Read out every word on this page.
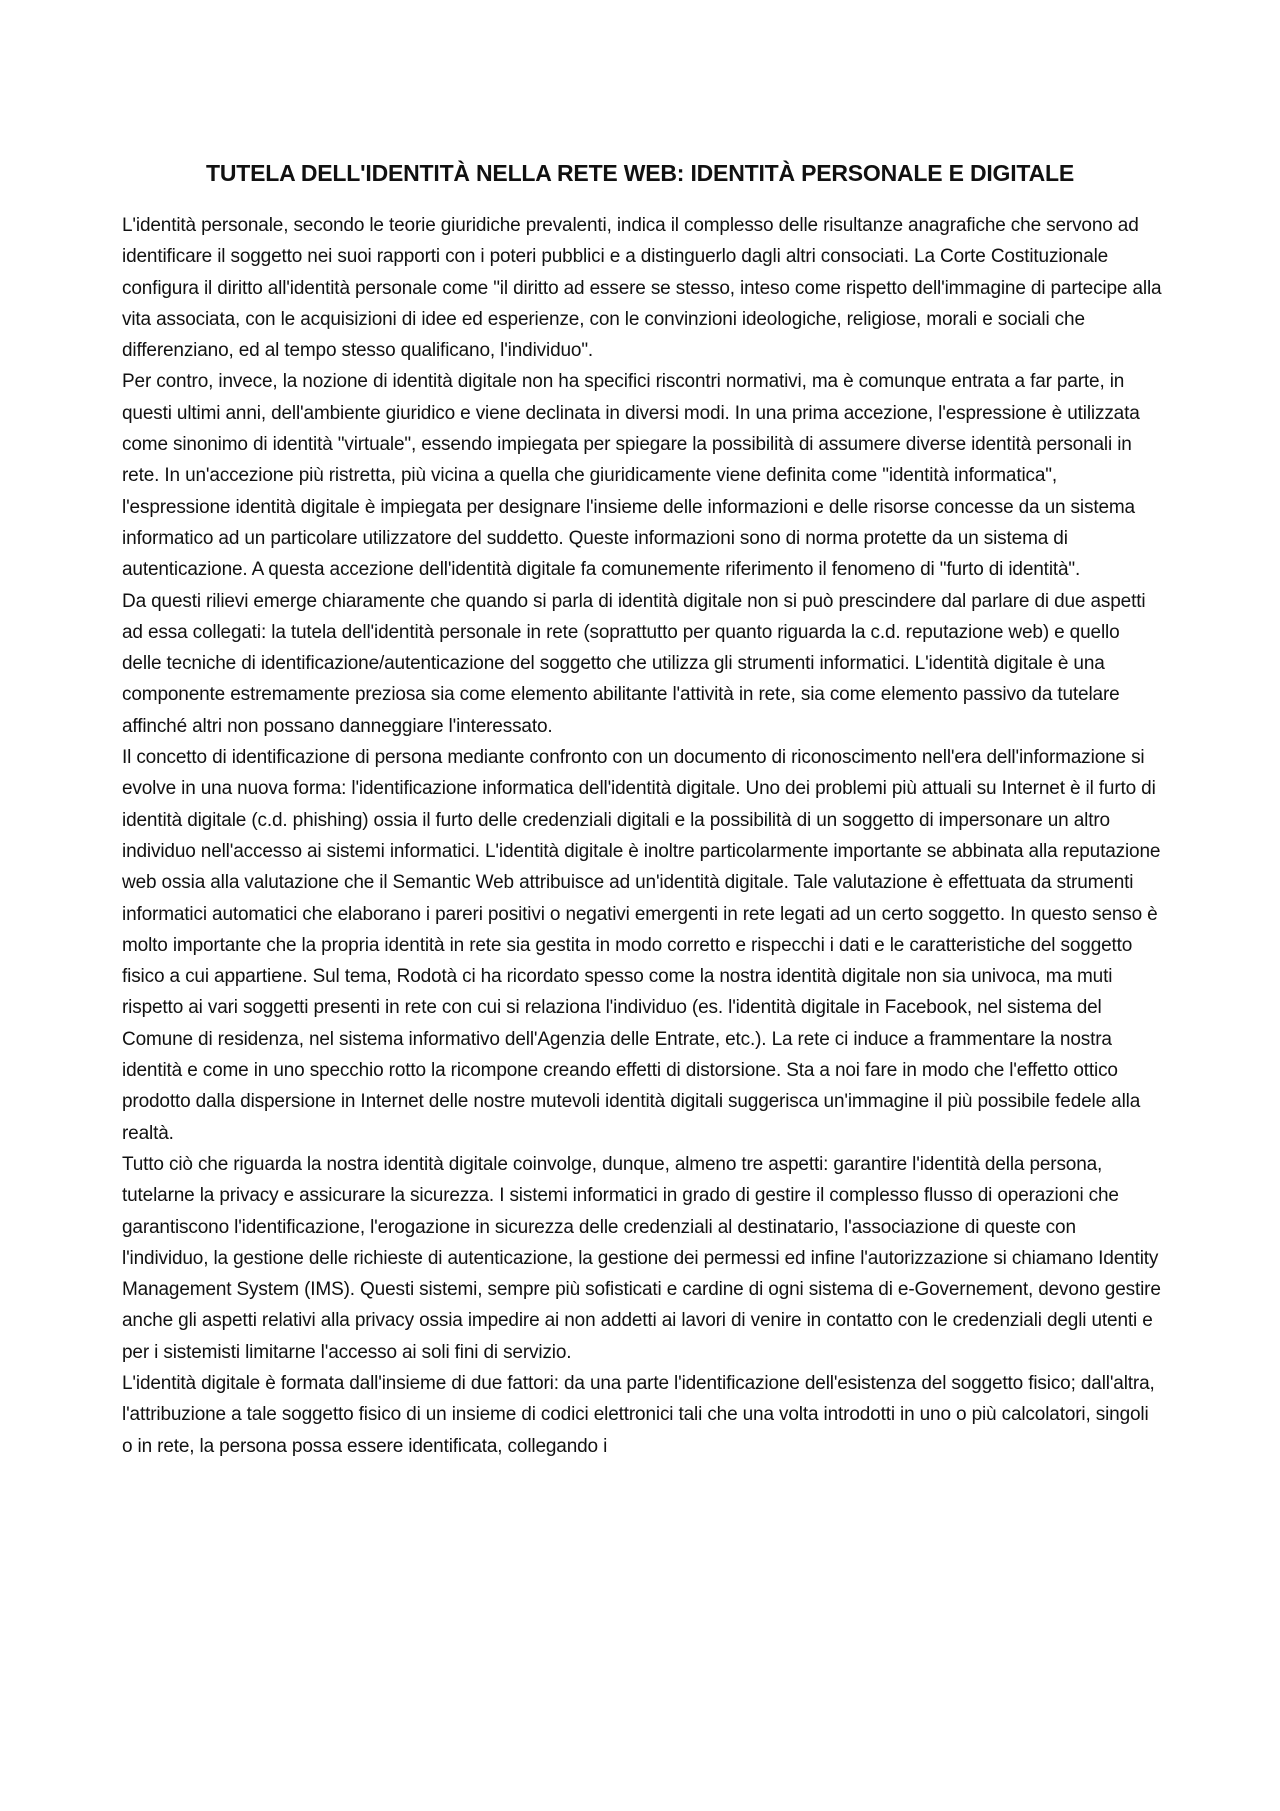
TUTELA DELL'IDENTITÀ NELLA RETE WEB: IDENTITÀ PERSONALE E DIGITALE

L'identità personale, secondo le teorie giuridiche prevalenti, indica il complesso delle risultanze anagrafiche che servono ad identificare il soggetto nei suoi rapporti con i poteri pubblici e a distinguerlo dagli altri consociati. La Corte Costituzionale configura il diritto all'identità personale come "il diritto ad essere se stesso, inteso come rispetto dell'immagine di partecipe alla vita associata, con le acquisizioni di idee ed esperienze, con le convinzioni ideologiche, religiose, morali e sociali che differenziano, ed al tempo stesso qualificano, l'individuo".

Per contro, invece, la nozione di identità digitale non ha specifici riscontri normativi, ma è comunque entrata a far parte, in questi ultimi anni, dell'ambiente giuridico e viene declinata in diversi modi. In una prima accezione, l'espressione è utilizzata come sinonimo di identità "virtuale", essendo impiegata per spiegare la possibilità di assumere diverse identità personali in rete. In un'accezione più ristretta, più vicina a quella che giuridicamente viene definita come "identità informatica", l'espressione identità digitale è impiegata per designare l'insieme delle informazioni e delle risorse concesse da un sistema informatico ad un particolare utilizzatore del suddetto. Queste informazioni sono di norma protette da un sistema di autenticazione. A questa accezione dell'identità digitale fa comunemente riferimento il fenomeno di "furto di identità".

Da questi rilievi emerge chiaramente che quando si parla di identità digitale non si può prescindere dal parlare di due aspetti ad essa collegati: la tutela dell'identità personale in rete (soprattutto per quanto riguarda la c.d. reputazione web) e quello delle tecniche di identificazione/autenticazione del soggetto che utilizza gli strumenti informatici. L'identità digitale è una componente estremamente preziosa sia come elemento abilitante l'attività in rete, sia come elemento passivo da tutelare affinché altri non possano danneggiare l'interessato.

Il concetto di identificazione di persona mediante confronto con un documento di riconoscimento nell'era dell'informazione si evolve in una nuova forma: l'identificazione informatica dell'identità digitale. Uno dei problemi più attuali su Internet è il furto di identità digitale (c.d. phishing) ossia il furto delle credenziali digitali e la possibilità di un soggetto di impersonare un altro individuo nell'accesso ai sistemi informatici. L'identità digitale è inoltre particolarmente importante se abbinata alla reputazione web ossia alla valutazione che il Semantic Web attribuisce ad un'identità digitale. Tale valutazione è effettuata da strumenti informatici automatici che elaborano i pareri positivi o negativi emergenti in rete legati ad un certo soggetto. In questo senso è molto importante che la propria identità in rete sia gestita in modo corretto e rispecchi i dati e le caratteristiche del soggetto fisico a cui appartiene. Sul tema, Rodotà ci ha ricordato spesso come la nostra identità digitale non sia univoca, ma muti rispetto ai vari soggetti presenti in rete con cui si relaziona l'individuo (es. l'identità digitale in Facebook, nel sistema del Comune di residenza, nel sistema informativo dell'Agenzia delle Entrate, etc.). La rete ci induce a frammentare la nostra identità e come in uno specchio rotto la ricompone creando effetti di distorsione. Sta a noi fare in modo che l'effetto ottico prodotto dalla dispersione in Internet delle nostre mutevoli identità digitali suggerisca un'immagine il più possibile fedele alla realtà.

Tutto ciò che riguarda la nostra identità digitale coinvolge, dunque, almeno tre aspetti: garantire l'identità della persona, tutelarne la privacy e assicurare la sicurezza. I sistemi informatici in grado di gestire il complesso flusso di operazioni che garantiscono l'identificazione, l'erogazione in sicurezza delle credenziali al destinatario, l'associazione di queste con l'individuo, la gestione delle richieste di autenticazione, la gestione dei permessi ed infine l'autorizzazione si chiamano Identity Management System (IMS). Questi sistemi, sempre più sofisticati e cardine di ogni sistema di e-Governement, devono gestire anche gli aspetti relativi alla privacy ossia impedire ai non addetti ai lavori di venire in contatto con le credenziali degli utenti e per i sistemisti limitarne l'accesso ai soli fini di servizio.

L'identità digitale è formata dall'insieme di due fattori: da una parte l'identificazione dell'esistenza del soggetto fisico; dall'altra, l'attribuzione a tale soggetto fisico di un insieme di codici elettronici tali che una volta introdotti in uno o più calcolatori, singoli o in rete, la persona possa essere identificata, collegando i
